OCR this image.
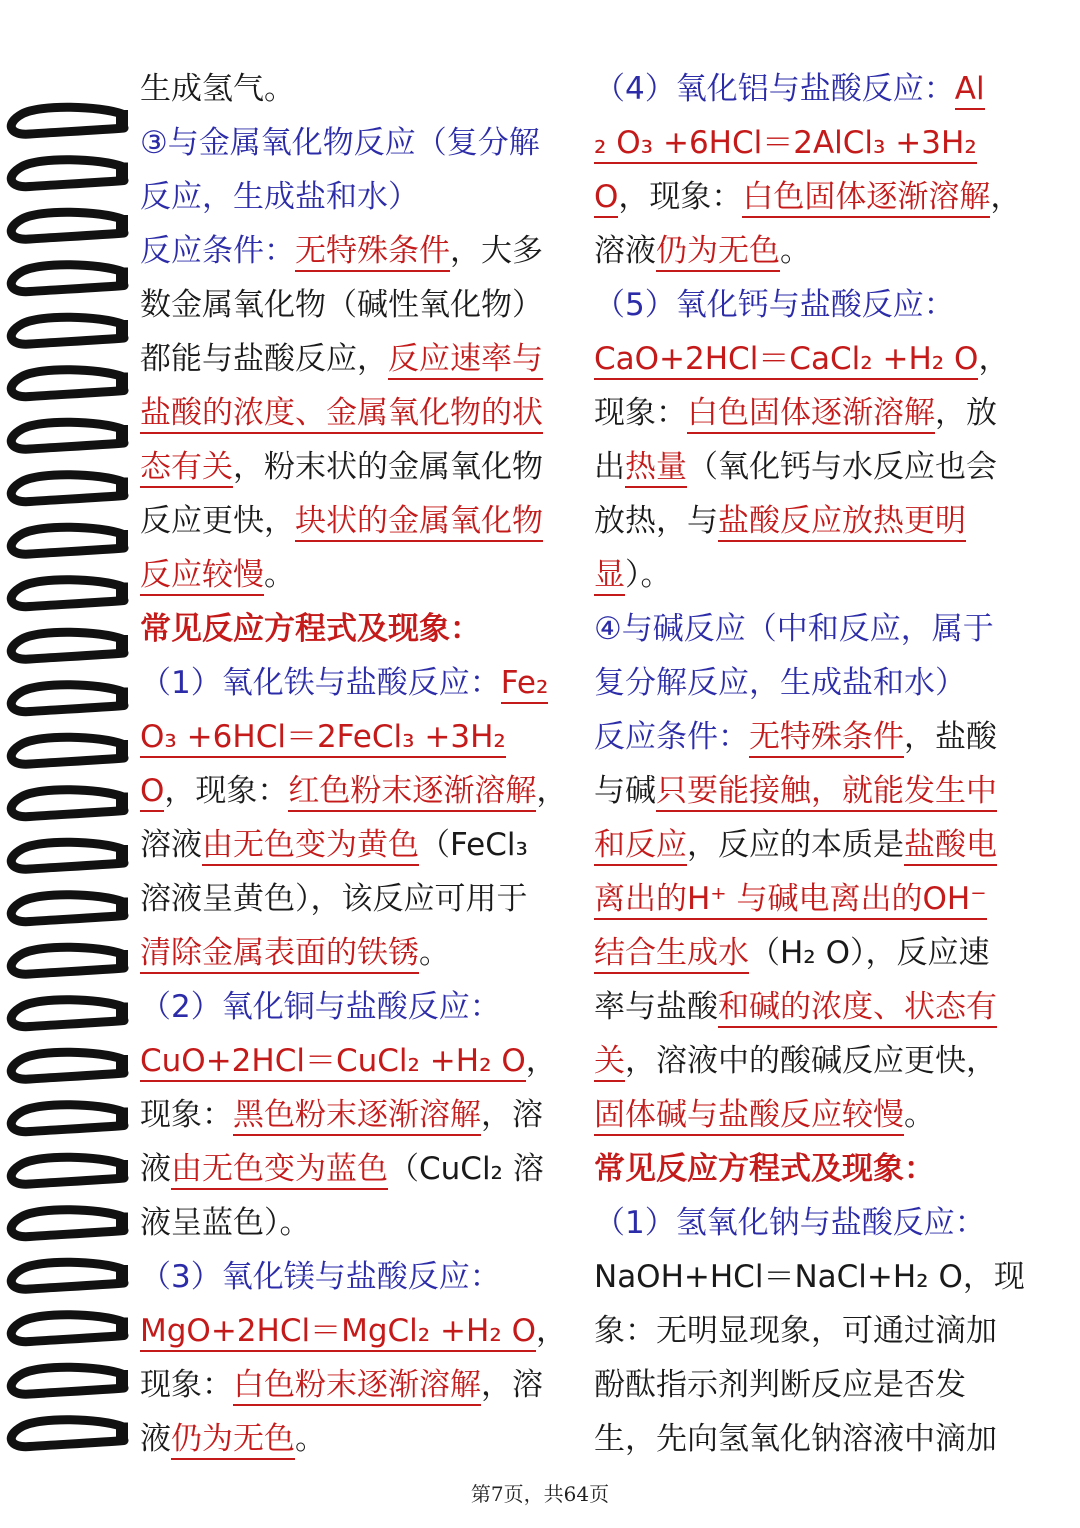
生成氢气。
③与金属氧化物反应（复分解
反应，生成盐和水）
反应条件：无特殊条件，大多
数金属氧化物（碱性氧化物）
都能与盐酸反应，反应速率与
盐酸的浓度、金属氧化物的状
态有关，粉末状的金属氧化物
反应更快，块状的金属氧化物
反应较慢。
常见反应方程式及现象：
（1）氧化铁与盐酸反应：Fe₂
O₃ +6HCl＝2FeCl₃ +3H₂
O，现象：红色粉末逐渐溶解，
溶液由无色变为黄色（FeCl₃
溶液呈黄色），该反应可用于
清除金属表面的铁锈。
（2）氧化铜与盐酸反应：
CuO+2HCl＝CuCl₂ +H₂ O，
现象：黑色粉末逐渐溶解，溶
液由无色变为蓝色（CuCl₂ 溶
液呈蓝色）。
（3）氧化镁与盐酸反应：
MgO+2HCl＝MgCl₂ +H₂ O，
现象：白色粉末逐渐溶解，溶
液仍为无色。
（4）氧化铝与盐酸反应：Al
₂ O₃ +6HCl＝2AlCl₃ +3H₂
O，现象：白色固体逐渐溶解，
溶液仍为无色。
（5）氧化钙与盐酸反应：
CaO+2HCl＝CaCl₂ +H₂ O，
现象：白色固体逐渐溶解，放
出热量（氧化钙与水反应也会
放热，与盐酸反应放热更明
显）。
④与碱反应（中和反应，属于
复分解反应，生成盐和水）
反应条件：无特殊条件，盐酸
与碱只要能接触，就能发生中
和反应，反应的本质是盐酸电
离出的H⁺ 与碱电离出的OH⁻
结合生成水（H₂ O），反应速
率与盐酸和碱的浓度、状态有
关，溶液中的酸碱反应更快，
固体碱与盐酸反应较慢。
常见反应方程式及现象：
（1）氢氧化钠与盐酸反应：
NaOH+HCl＝NaCl+H₂ O，现
象：无明显现象，可通过滴加
酚酞指示剂判断反应是否发
生，先向氢氧化钠溶液中滴加
第7页，共64页
